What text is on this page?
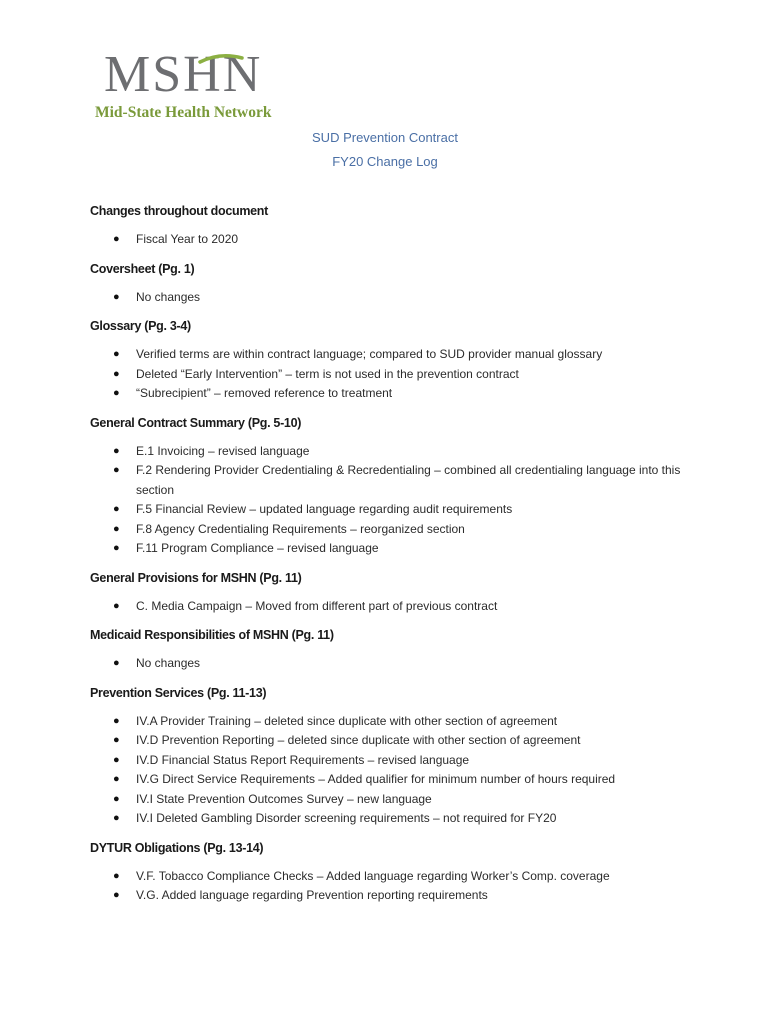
MSHN
Mid-State Health Network
SUD Prevention Contract
FY20 Change Log
Changes throughout document
● Fiscal Year to 2020
Coversheet (Pg. 1)
● No changes
Glossary (Pg. 3-4)
● Verified terms are within contract language; compared to SUD provider manual glossary
● Deleted “Early Intervention” – term is not used in the prevention contract
● “Subrecipient” – removed reference to treatment
General Contract Summary (Pg. 5-10)
● E.1 Invoicing – revised language
● F.2 Rendering Provider Credentialing & Recredentialing – combined all credentialing language into this section
● F.5 Financial Review – updated language regarding audit requirements
● F.8 Agency Credentialing Requirements – reorganized section
● F.11 Program Compliance – revised language
General Provisions for MSHN (Pg. 11)
● C. Media Campaign – Moved from different part of previous contract
Medicaid Responsibilities of MSHN (Pg. 11)
● No changes
Prevention Services (Pg. 11-13)
● IV.A Provider Training – deleted since duplicate with other section of agreement
● IV.D Prevention Reporting – deleted since duplicate with other section of agreement
● IV.D Financial Status Report Requirements – revised language
● IV.G Direct Service Requirements – Added qualifier for minimum number of hours required
● IV.I State Prevention Outcomes Survey – new language
● IV.I Deleted Gambling Disorder screening requirements – not required for FY20
DYTUR Obligations (Pg. 13-14)
● V.F. Tobacco Compliance Checks – Added language regarding Worker’s Comp. coverage
● V.G. Added language regarding Prevention reporting requirements
